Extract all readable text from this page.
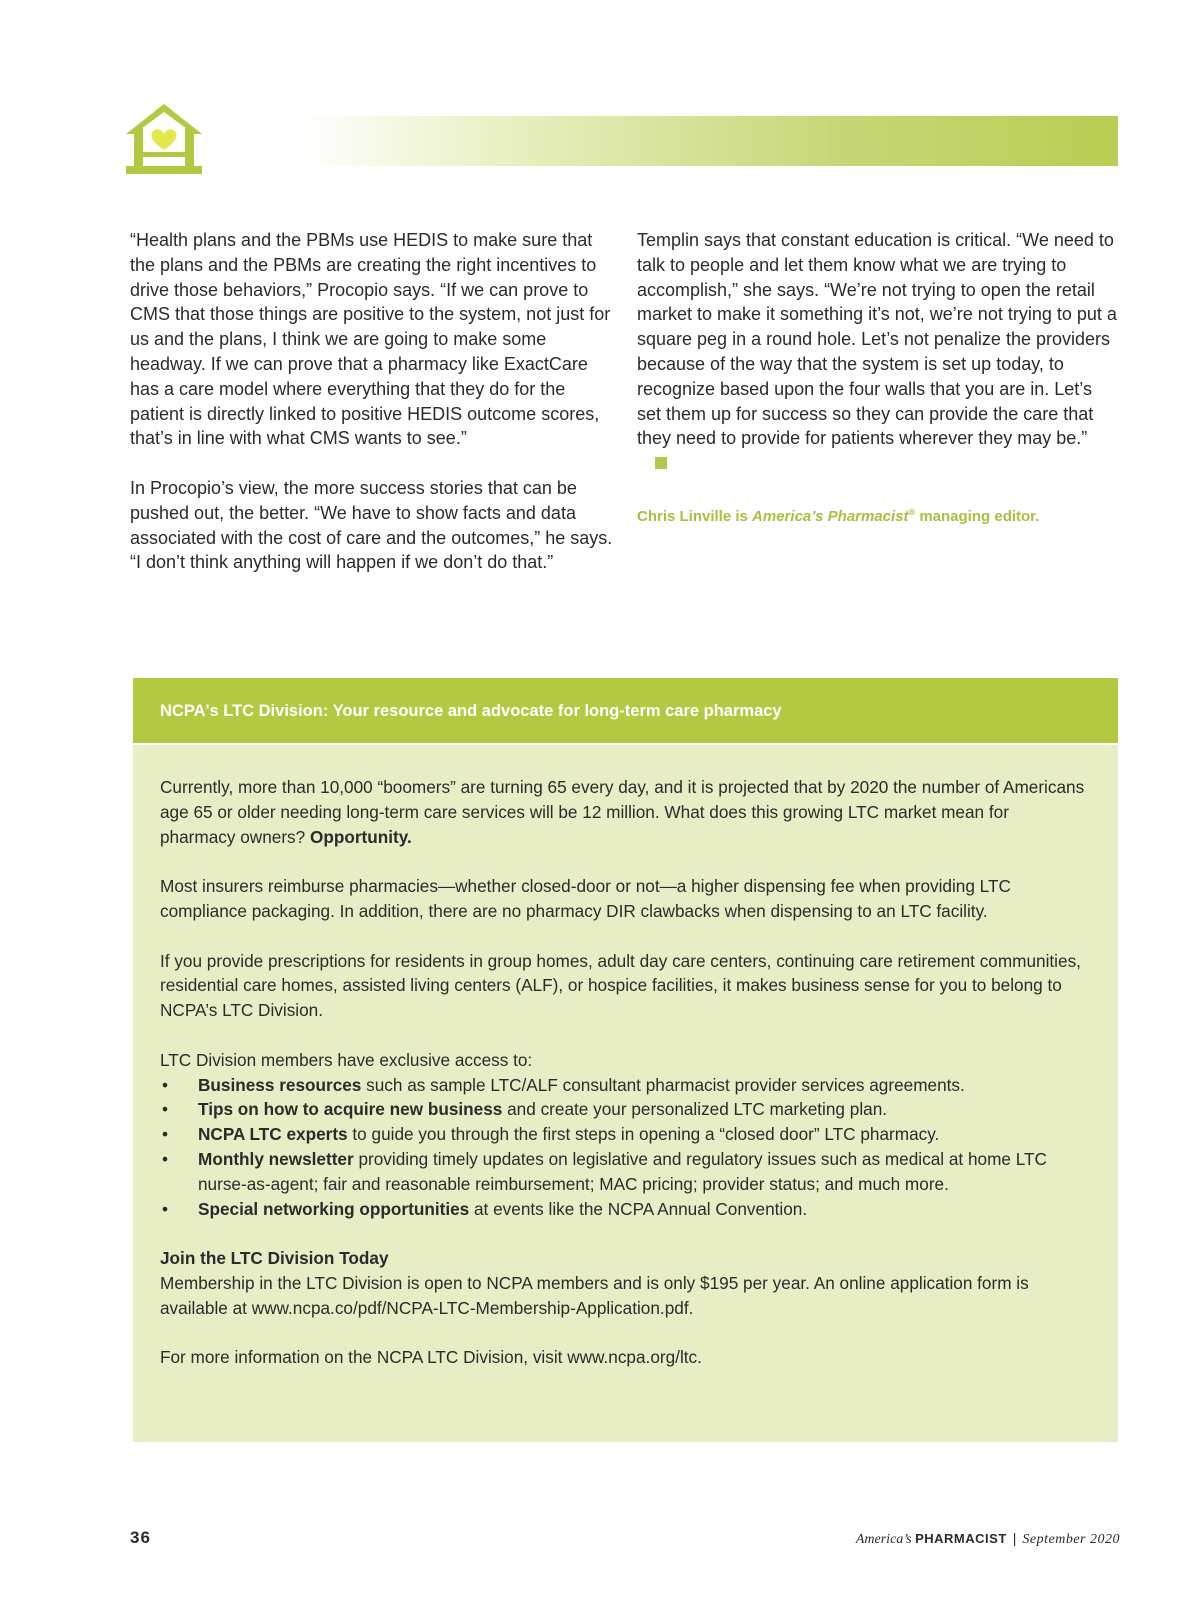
“Health plans and the PBMs use HEDIS to make sure that the plans and the PBMs are creating the right incentives to drive those behaviors,” Procopio says. “If we can prove to CMS that those things are positive to the system, not just for us and the plans, I think we are going to make some headway. If we can prove that a pharmacy like ExactCare has a care model where everything that they do for the patient is directly linked to positive HEDIS outcome scores, that’s in line with what CMS wants to see.”

In Procopio’s view, the more success stories that can be pushed out, the better. “We have to show facts and data associated with the cost of care and the outcomes,” he says. “I don’t think anything will happen if we don’t do that.”

Templin says that constant education is critical. “We need to talk to people and let them know what we are trying to accomplish,” she says. “We’re not trying to open the retail market to make it something it’s not, we’re not trying to put a square peg in a round hole. Let’s not penalize the providers because of the way that the system is set up today, to recognize based upon the four walls that you are in. Let’s set them up for success so they can provide the care that they need to provide for patients wherever they may be.”

Chris Linville is America’s Pharmacist® managing editor.
NCPA's LTC Division: Your resource and advocate for long-term care pharmacy

Currently, more than 10,000 “boomers” are turning 65 every day, and it is projected that by 2020 the number of Americans age 65 or older needing long-term care services will be 12 million. What does this growing LTC market mean for pharmacy owners? Opportunity.

Most insurers reimburse pharmacies—whether closed-door or not—a higher dispensing fee when providing LTC compliance packaging. In addition, there are no pharmacy DIR clawbacks when dispensing to an LTC facility.

If you provide prescriptions for residents in group homes, adult day care centers, continuing care retirement communities, residential care homes, assisted living centers (ALF), or hospice facilities, it makes business sense for you to belong to NCPA’s LTC Division.

LTC Division members have exclusive access to:
• Business resources such as sample LTC/ALF consultant pharmacist provider services agreements.
• Tips on how to acquire new business and create your personalized LTC marketing plan.
• NCPA LTC experts to guide you through the first steps in opening a “closed door” LTC pharmacy.
• Monthly newsletter providing timely updates on legislative and regulatory issues such as medical at home LTC nurse-as-agent; fair and reasonable reimbursement; MAC pricing; provider status; and much more.
• Special networking opportunities at events like the NCPA Annual Convention.
Join the LTC Division Today

Membership in the LTC Division is open to NCPA members and is only $195 per year. An online application form is available at www.ncpa.co/pdf/NCPA-LTC-Membership-Application.pdf.

For more information on the NCPA LTC Division, visit www.ncpa.org/ltc.

36	America’s PHARMACIST | September 2020
